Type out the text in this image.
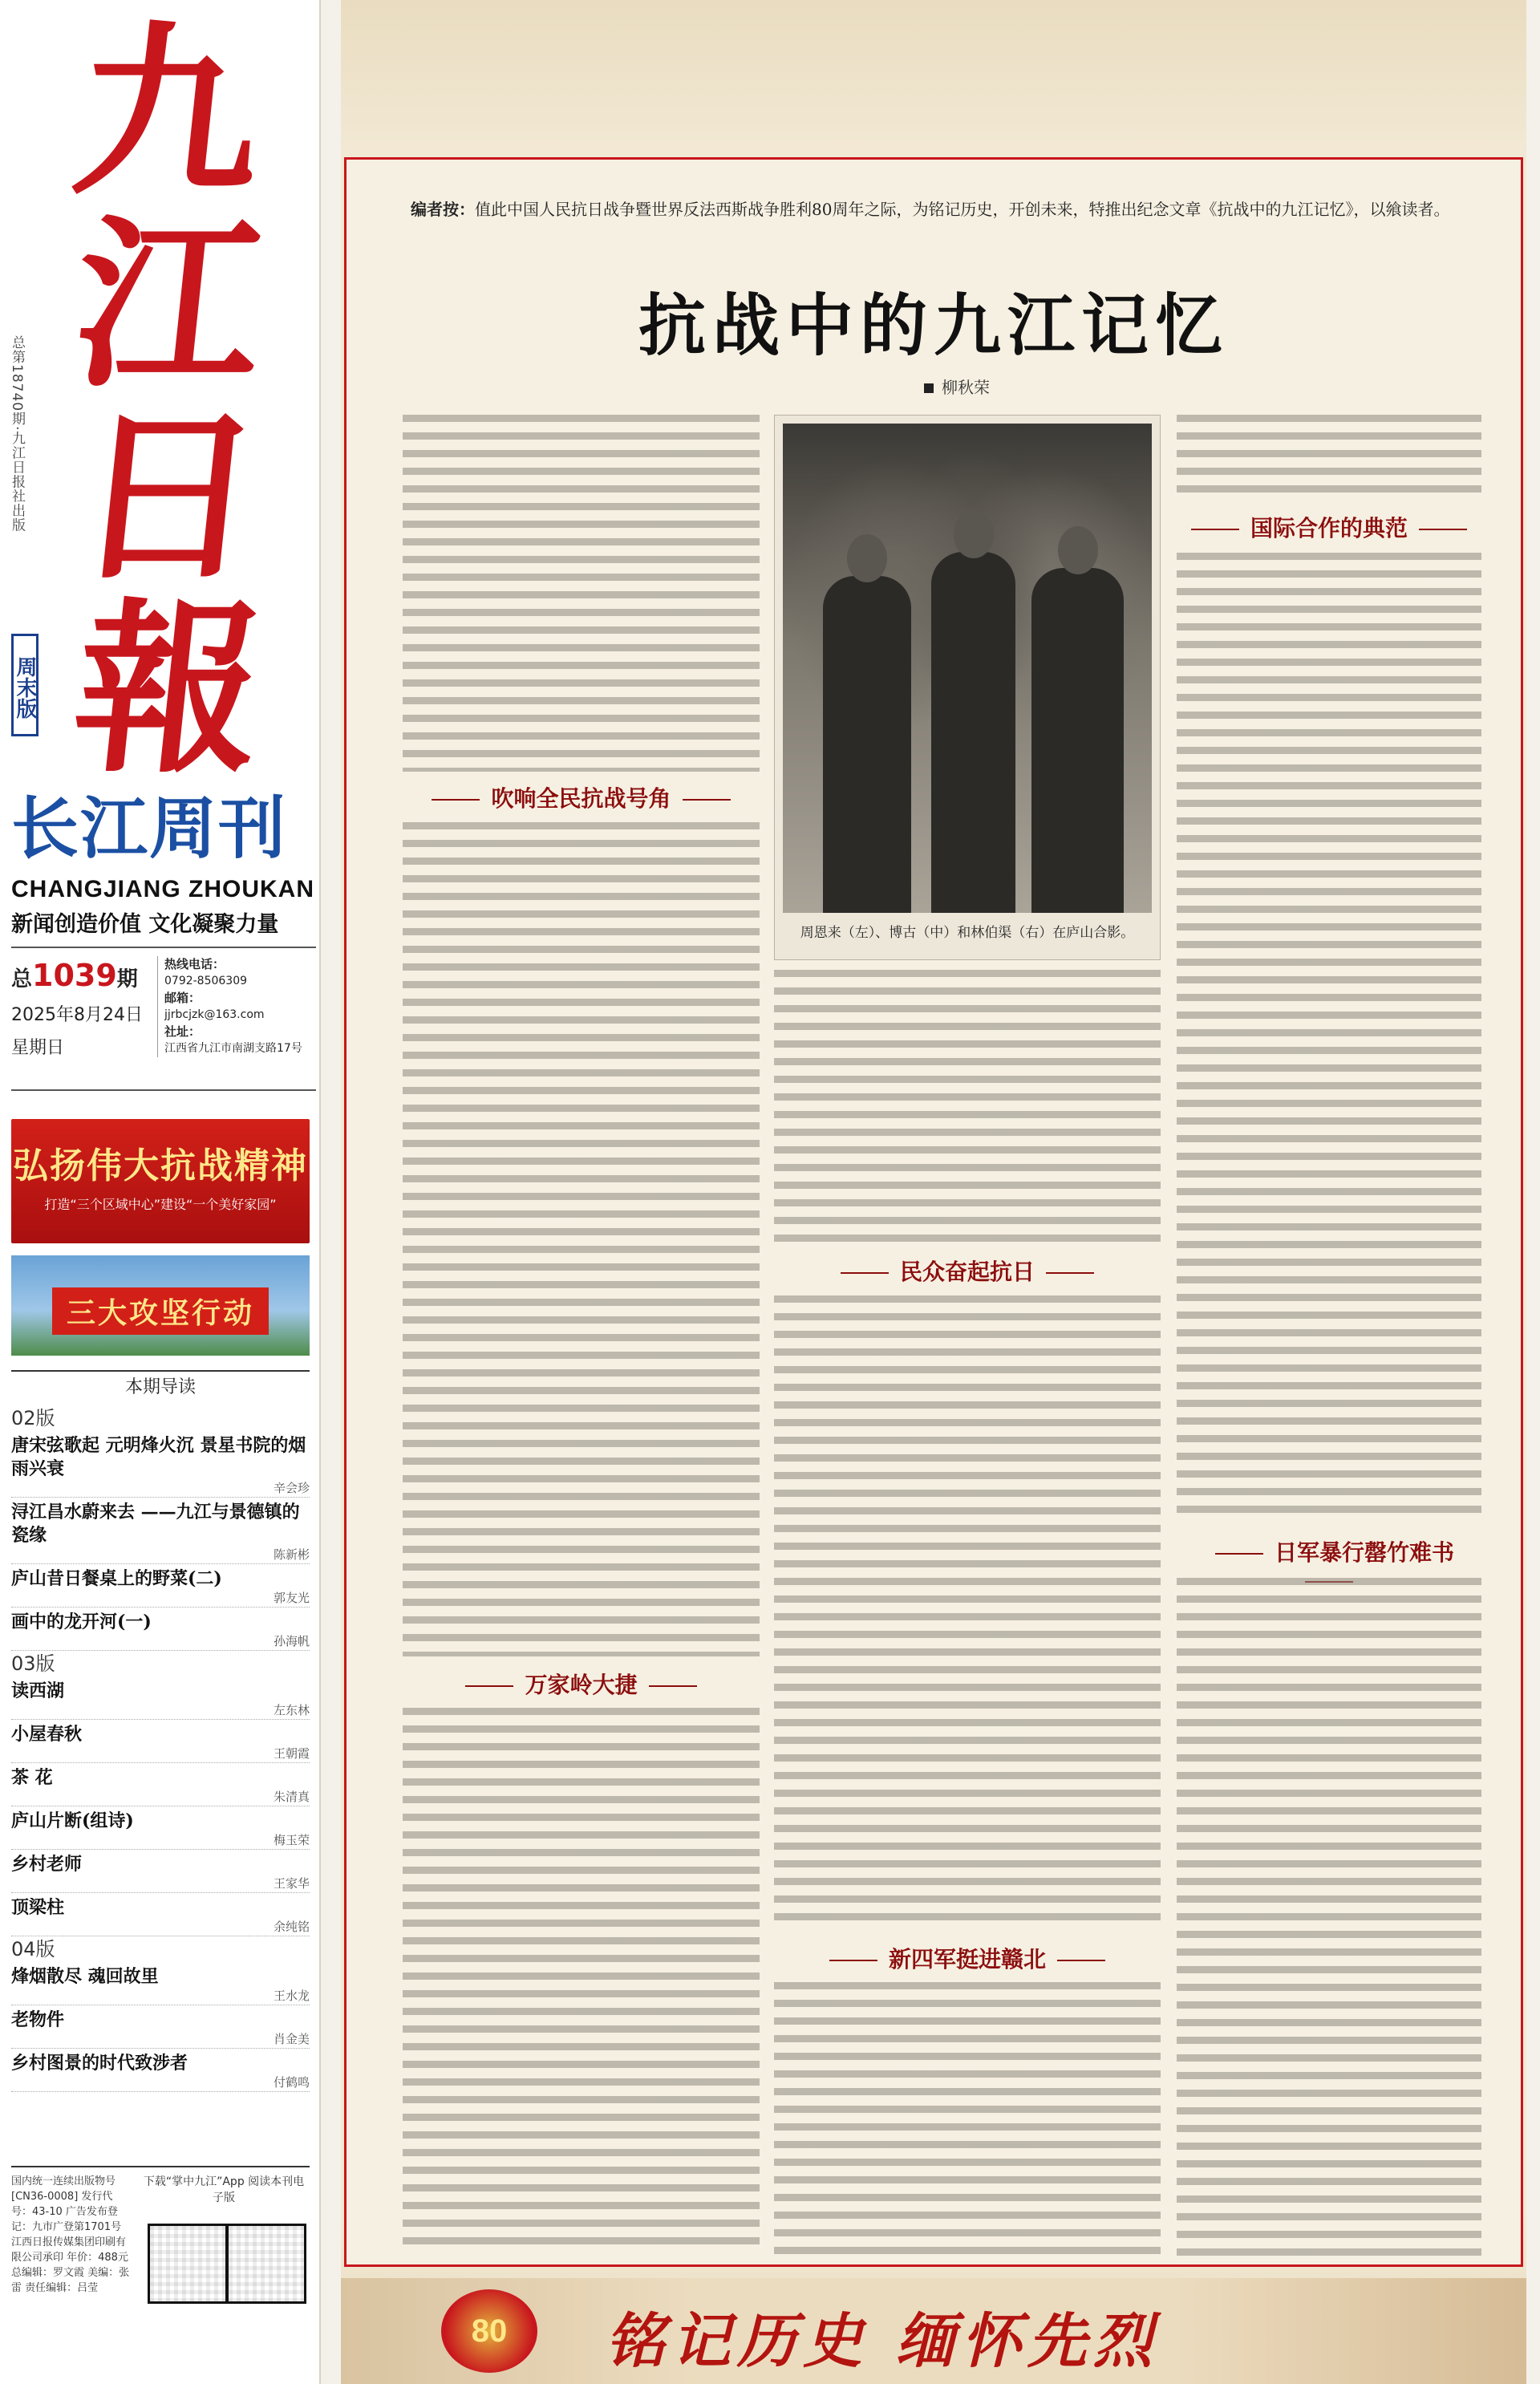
九
江
日
報
总第18740期·九江日报社出版
周末版
长江周刊
CHANGJIANG ZHOUKAN
新闻创造价值 文化凝聚力量
总1039期
2025年8月24日
星期日
热线电话：
0792-8506309
邮箱：
jjrbcjzk@163.com
社址：
江西省九江市南湖支路17号
弘扬伟大抗战精神
打造“三个区域中心”建设“一个美好家园”
三大攻坚行动
本期导读
02版
唐宋弦歌起 元明烽火沉 景星书院的烟雨兴衰
辛会珍
浔江昌水蔚来去 ——九江与景德镇的瓷缘
陈新彬
庐山昔日餐桌上的野菜(二)
郭友光
画中的龙开河(一)
孙海帆
03版
读西湖
左东林
小屋春秋
王朝霞
茶 花
朱清真
庐山片断(组诗)
梅玉荣
乡村老师
王家华
顶梁柱
余纯铭
04版
烽烟散尽 魂回故里
王水龙
老物件
肖金美
乡村图景的时代致涉者
付鹤鸣
国内统一连续出版物号 [CN36-0008] 发行代号：43-10 广告发布登记：九市广登第1701号 江西日报传媒集团印刷有限公司承印 年价：488元 总编辑：罗文霞 美编：张雷 责任编辑：吕莹
下载“掌中九江”App 阅读本刊电子版
编者按：值此中国人民抗日战争暨世界反法西斯战争胜利80周年之际，为铭记历史，开创未来，特推出纪念文章《抗战中的九江记忆》，以飨读者。
抗战中的九江记忆
柳秋荣
吹响全民抗战号角
万家岭大捷
周恩来（左）、博古（中）和林伯渠（右）在庐山合影。
民众奋起抗日
新四军挺进赣北
国际合作的典范
日军暴行罄竹难书
80	铭记历史 缅怀先烈
